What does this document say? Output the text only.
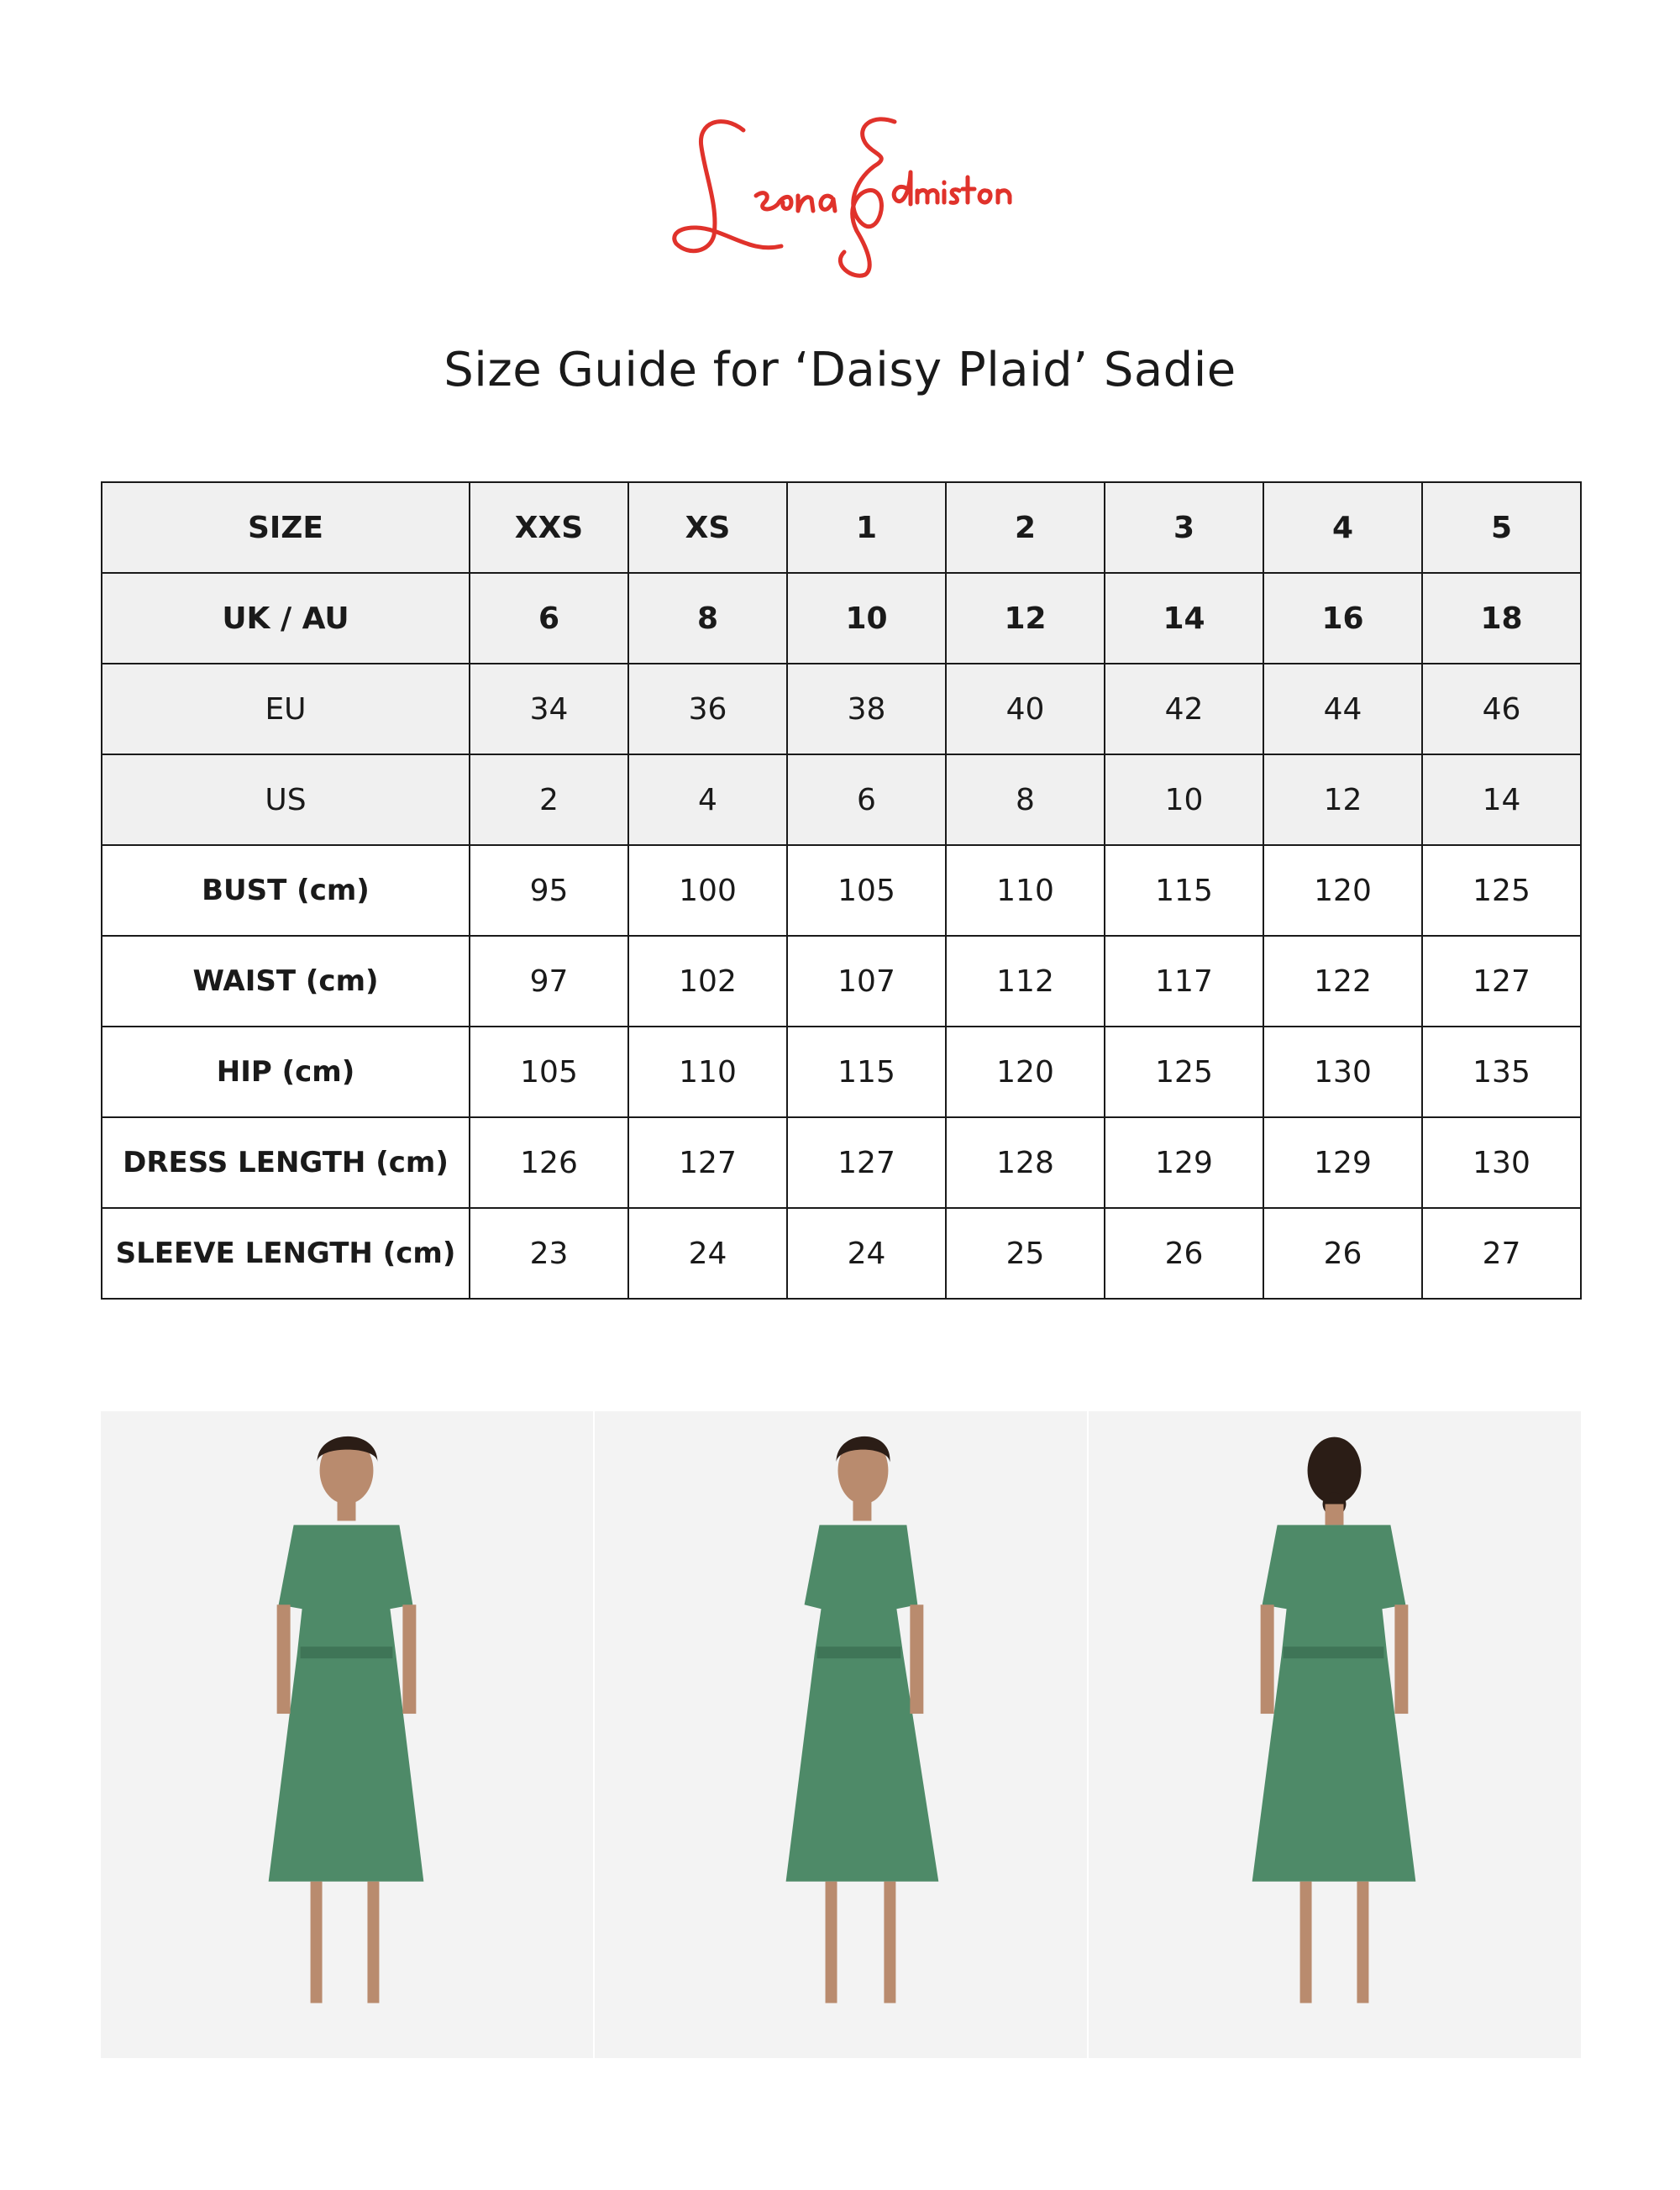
Size Guide for ‘Daisy Plaid’ Sadie
SIZE	XXS	XS	1	2	3	4	5
UK / AU	6	8	10	12	14	16	18
EU	34	36	38	40	42	44	46
US	2	4	6	8	10	12	14
BUST (cm)	95	100	105	110	115	120	125
WAIST (cm)	97	102	107	112	117	122	127
HIP (cm)	105	110	115	120	125	130	135
DRESS LENGTH (cm)	126	127	127	128	129	129	130
SLEEVE LENGTH (cm)	23	24	24	25	26	26	27
